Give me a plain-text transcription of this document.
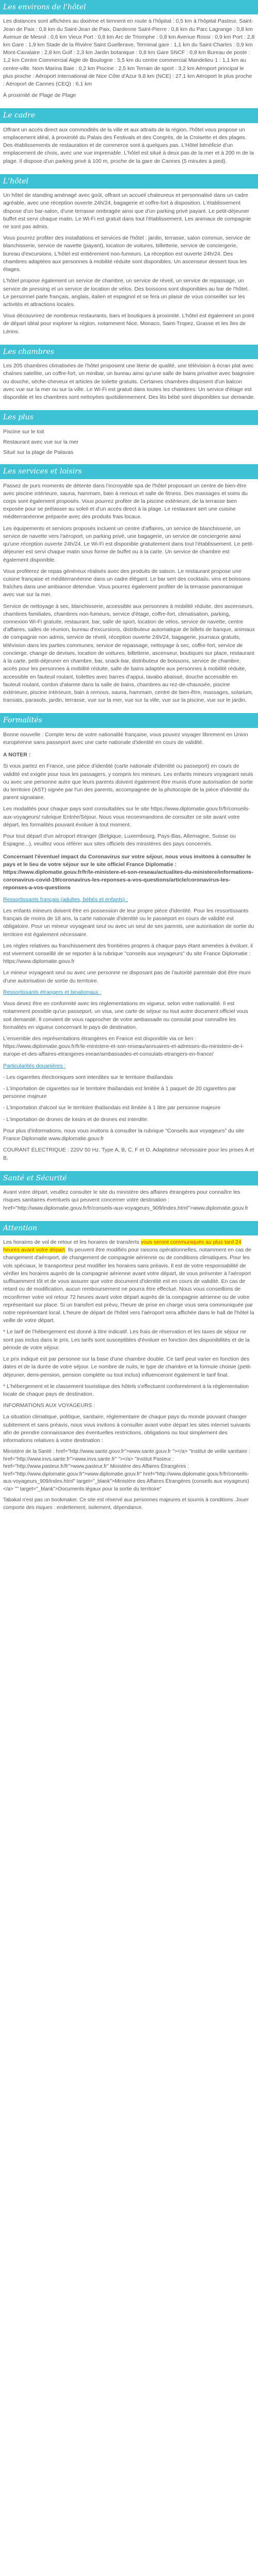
Les environs de l'hôtel

Les distances sont affichées au dixième et tiennent en route à l'hôpital : 0,5 km à l'hôpital Pasteur, Saint-Jean de Paix : 0,8 km du Saint-Jean de Paix, Dardenne Saint-Pierre : 0,8 km du Parc Lagrange : 0,8 km Avenue de Mesnil : 0,6 km Vieux Port : 0,8 km Arc de Triomphe : 0,8 km Avenue Rossi : 0,9 km Port : 2,8 km Gare : 1,9 km Stade de la Rivière Saint Guellerave, Terminal gare : 1,1 km du Saint-Charles : 0,9 km Mont-Cavalaire : 2,8 km Golf : 2,3 km Jardin botanique : 0,8 km Gare SNCF : 0,8 km Bureau de poste : 1,2 km Centre Commercial Aigle de Boulogne : 5,5 km du centre commercial Mandelieu 1 : 1,1 km au centre-ville. Nom Marina Baie : 0,2 km Piscine : 2,5 km Terrain de sport : 3,2 km Aéroport principal le plus proche : Aéroport international de Nice Côte d'Azur 9,8 km (NCE) : 27,1 km Aéroport le plus proche : Aéroport de Cannes (CEQ) : 6,1 km

À proximité de Plage de Plage

Le cadre

Offrant un accès direct aux commodités de la ville et aux attraits de la région, l'hôtel vous propose un emplacement idéal, à proximité du Palais des Festivals et des Congrès, de la Croisette et des plages. Des établissements de restauration et de commerce sont à quelques pas. L'Hôtel bénéficie d'un emplacement de choix, avec une vue imprenable. L'hôtel est situé à deux pas de la mer et à 200 m de la plage. Il dispose d'un parking privé à 100 m, proche de la gare de Cannes (5 minutes à pied).

L'hôtel

Un hôtel de standing aménagé avec goût, offrant un accueil chaleureux et personnalisé dans un cadre agréable, avec une réception ouverte 24h/24, bagagerie et coffre-fort à disposition. L'établissement dispose d'un bar-salon, d'une terrasse ombragée ainsi que d'un parking privé payant. Le petit-déjeuner buffet est servi chaque matin. Le Wi-Fi est gratuit dans tout l'établissement. Les animaux de compagnie ne sont pas admis.

Vous pourrez profiter des installations et services de l'hôtel : jardin, terrasse, salon commun, service de blanchisserie, service de navette (payant), location de voitures, billetterie, service de conciergerie, bureau d'excursions. L'hôtel est entièrement non-fumeurs. La réception est ouverte 24h/24. Des chambres adaptées aux personnes à mobilité réduite sont disponibles. Un ascenseur dessert tous les étages.

L'hôtel propose également un service de chambre, un service de réveil, un service de repassage, un service de pressing et un service de location de vélos. Des boissons sont disponibles au bar de l'hôtel. Le personnel parle français, anglais, italien et espagnol et se fera un plaisir de vous conseiller sur les activités et attractions locales.

Vous découvrirez de nombreux restaurants, bars et boutiques à proximité. L'hôtel est également un point de départ idéal pour explorer la région, notamment Nice, Monaco, Saint-Tropez, Grasse et les îles de Lérins.

Les chambres

Les 205 chambres climatisées de l'hôtel proposent une literie de qualité, une télévision à écran plat avec chaînes satellite, un coffre-fort, un minibar, un bureau ainsi qu'une salle de bains privative avec baignoire ou douche, sèche-cheveux et articles de toilette gratuits. Certaines chambres disposent d'un balcon avec vue sur la mer ou sur la ville. Le Wi-Fi est gratuit dans toutes les chambres. Un service d'étage est disponible et les chambres sont nettoyées quotidiennement. Des lits bébé sont disponibles sur demande.

Les plus
Piscine sur le toit
Restaurant avec vue sur la mer
Situé sur la plage de Palavas
Les services et loisirs

Passez de purs moments de détente dans l'incroyable spa de l'hôtel proposant un centre de bien-être avec piscine intérieure, sauna, hammam, bain à remous et salle de fitness. Des massages et soins du corps sont également proposés. Vous pourrez profiter de la piscine extérieure, de la terrasse bien exposée pour se prélasser au soleil et d'un accès direct à la plage. Le restaurant sert une cuisine méditerranéenne préparée avec des produits frais locaux.

Les équipements et services proposés incluent un centre d'affaires, un service de blanchisserie, un service de navette vers l'aéroport, un parking privé, une bagagerie, un service de conciergerie ainsi qu'une réception ouverte 24h/24. Le Wi-Fi est disponible gratuitement dans tout l'établissement. Le petit-déjeuner est servi chaque matin sous forme de buffet ou à la carte. Un service de chambre est également disponible.

Vous profiterez de repas généreux réalisés avec des produits de saison. Le restaurant propose une cuisine française et méditerranéenne dans un cadre élégant. Le bar sert des cocktails, vins et boissons fraîches dans une ambiance détendue. Vous pourrez également profiter de la terrasse panoramique avec vue sur la mer.

Service de nettoyage à sec, blanchisserie, accessible aux personnes à mobilité réduite, des ascenseurs, chambres familiales, chambres non-fumeurs, service d'étage, coffre-fort, climatisation, parking, connexion Wi-Fi gratuite, restaurant, bar, salle de sport, location de vélos, service de navette, centre d'affaires, salles de réunion, bureau d'excursions, distributeur automatique de billets de banque, animaux de compagnie non admis, service de réveil, réception ouverte 24h/24, bagagerie, journaux gratuits, télévision dans les parties communes, service de repassage, nettoyage à sec, coffre-fort, service de concierge, change de devises, location de voitures, billetterie, ascenseur, boutiques sur place, restaurant à la carte, petit-déjeuner en chambre, bar, snack-bar, distributeur de boissons, service de chambre, accès pour les personnes à mobilité réduite, salle de bains adaptée aux personnes à mobilité réduite, accessible en fauteuil roulant, toilettes avec barres d'appui, lavabo abaissé, douche accessible en fauteuil roulant, cordon d'alarme dans la salle de bains, chambres au rez-de-chaussée, piscine extérieure, piscine intérieure, bain à remous, sauna, hammam, centre de bien-être, massages, solarium, transats, parasols, jardin, terrasse, vue sur la mer, vue sur la ville, vue sur la piscine, vue sur le jardin.

Formalités

Bonne nouvelle : Compte tenu de votre nationalité française, vous pouvez voyager librement en Union européenne sans passeport avec une carte nationale d'identité en cours de validité.

A NOTER :

Si vous partez en France, une pièce d'identité (carte nationale d'identité ou passeport) en cours de validité est exigée pour tous les passagers, y compris les mineurs. Les enfants mineurs voyageant seuls ou avec une personne autre que leurs parents doivent également être munis d'une autorisation de sortie du territoire (AST) signée par l'un des parents, accompagnée de la photocopie de la pièce d'identité du parent signataire.

Les modalités pour chaque pays sont consultables sur le site https://www.diplomatie.gouv.fr/fr/conseils-aux-voyageurs/ rubrique Entrée/Séjour. Nous vous recommandons de consulter ce site avant votre départ, les formalités pouvant évoluer à tout moment.

Pour tout départ d'un aéroport étranger (Belgique, Luxembourg, Pays-Bas, Allemagne, Suisse ou Espagne...), veuillez vous référer aux sites officiels des ministères des pays concernés.

Concernant l'éventuel impact du Coronavirus sur votre séjour, nous vous invitons à consulter le pays et le lieu de votre séjour sur le site officiel France Diplomatie : https://www.diplomatie.gouv.fr/fr/le-ministere-et-son-reseau/actualites-du-ministere/informations-coronavirus-covid-19/coronavirus-les-reponses-a-vos-questions/article/coronavirus-les-reponses-a-vos-questions

Ressortissants français (adultes, bébés et enfants) :

Les enfants mineurs doivent être en possession de leur propre pièce d'identité. Pour les ressortissants français de moins de 18 ans, la carte nationale d'identité ou le passeport en cours de validité est obligatoire. Pour un mineur voyageant seul ou avec un seul de ses parents, une autorisation de sortie du territoire est également nécessaire.

Les règles relatives au franchissement des frontières propres à chaque pays étant amenées à évoluer, il est vivement conseillé de se reporter à la rubrique "conseils aux voyageurs" du site France Diplomatie : https://www.diplomatie.gouv.fr

Le mineur voyageant seul ou avec une personne ne disposant pas de l'autorité parentale doit être muni d'une autorisation de sortie du territoire.

Ressortissants étrangers et binationaux :

Vous devez être en conformité avec les règlementations en vigueur, selon votre nationalité. Il est notamment possible qu'un passeport, un visa, une carte de séjour ou tout autre document officiel vous soit demandé. Il convient de vous rapprocher de votre ambassade ou consulat pour connaître les formalités en vigueur concernant le pays de destination.

L'ensemble des représentations étrangères en France est disponible via ce lien : https://www.diplomatie.gouv.fr/fr/le-ministere-et-son-reseau/annuaires-et-adresses-du-ministere-de-l-europe-et-des-affaires-etrangeres-meae/ambassades-et-consulats-etrangers-en-france/

Particularités douanières :

- Les cigarettes électroniques sont interdites sur le territoire thaïlandais

- L'importation de cigarettes sur le territoire thaïlandais est limitée à 1 paquet de 20 cigarettes par personne majeure

- L'importation d'alcool sur le territoire thaïlandais est limitée à 1 litre par personne majeure

- L'importation de drones de loisirs et de drones est interdite.

Pour plus d'informations, nous vous invitons à consulter la rubrique "Conseils aux voyageurs" du site France Diplomatie www.diplomatie.gouv.fr

COURANT ÉLECTRIQUE : 220V 50 Hz. Type A, B, C, F et O. Adaptateur nécessaire pour les prises A et B.

Santé et Sécurité

Avant votre départ, veuillez consulter le site du ministère des affaires étrangères pour connaître les risques sanitaires éventuels qui peuvent concerner votre destination : href="http://www.diplomatie.gouv.fr/fr/conseils-aux-voyageurs_909/index.html">www.diplomatie.gouv.fr

Attention

Les horaires de vol de retour et les horaires de transferts vous seront communiqués au plus tard 24 heures avant votre départ. Ils peuvent être modifiés pour raisons opérationnelles, notamment en cas de changement d'aéroport, de changement de compagnie aérienne ou de conditions climatiques. Pour les vols spéciaux, le transporteur peut modifier les horaires sans préavis. Il est de votre responsabilité de vérifier les horaires auprès de la compagnie aérienne avant votre départ, de vous présenter à l'aéroport suffisamment tôt et de vous assurer que votre document d'identité est en cours de validité. En cas de retard ou de modification, aucun remboursement ne pourra être effectué. Nous vous conseillons de reconfirmer votre vol retour 72 heures avant votre départ auprès de la compagnie aérienne ou de votre représentant sur place. Si un transfert est prévu, l'heure de prise en charge vous sera communiquée par notre représentant local. L'heure de départ de l'hôtel vers l'aéroport sera affichée dans le hall de l'hôtel la veille de votre départ.

* Le tarif de l'hébergement est donné à titre indicatif. Les frais de réservation et les taxes de séjour ne sont pas inclus dans le prix. Les tarifs sont susceptibles d'évoluer en fonction des disponibilités et de la période de votre séjour.

Le prix indiqué est par personne sur la base d'une chambre double. Ce tarif peut varier en fonction des dates et de la durée de votre séjour. Le nombre de nuits, le type de chambre et la formule choisie (petit-déjeuner, demi-pension, pension complète ou tout inclus) influenceront également le tarif final.

* L'hébergement et le classement touristique des hôtels s'effectuent conformément à la réglementation locale de chaque pays de destination.

INFORMATIONS AUX VOYAGEURS :

La situation climatique, politique, sanitaire, réglementaire de chaque pays du monde pouvant changer subitement et sans préavis, nous vous invitons à consulter avant votre départ les sites internet suivants afin de prendre connaissance des éventuelles restrictions, obligations ou tout simplement des informations relatives à votre destination :

Ministère de la Santé : href="http://www.sante.gouv.fr">www.sante.gouv.fr "></a> "Institut de veille sanitaire : href="http://www.invs.sante.fr">www.invs.sante.fr" "></a> "Institut Pasteur : href="http://www.pasteur.fr/fr">www.pasteur.fr" Ministère des Affaires Étrangères : href="http://www.diplomatie.gouv.fr">www.diplomatie.gouv.fr" href="http://www.diplomatie.gouv.fr/fr/conseils-aux-voyageurs_909/index.html" target="_blank">Ministère des Affaires Étrangères (conseils aux voyageurs)</a> "" target="_blank">Documents légaux pour la sortie du territoire"

Tabakal n'est pas un bookmaker. Ce site est réservé aux personnes majeures et soumis à conditions. Jouer comporte des risques : endettement, isolement, dépendance.
